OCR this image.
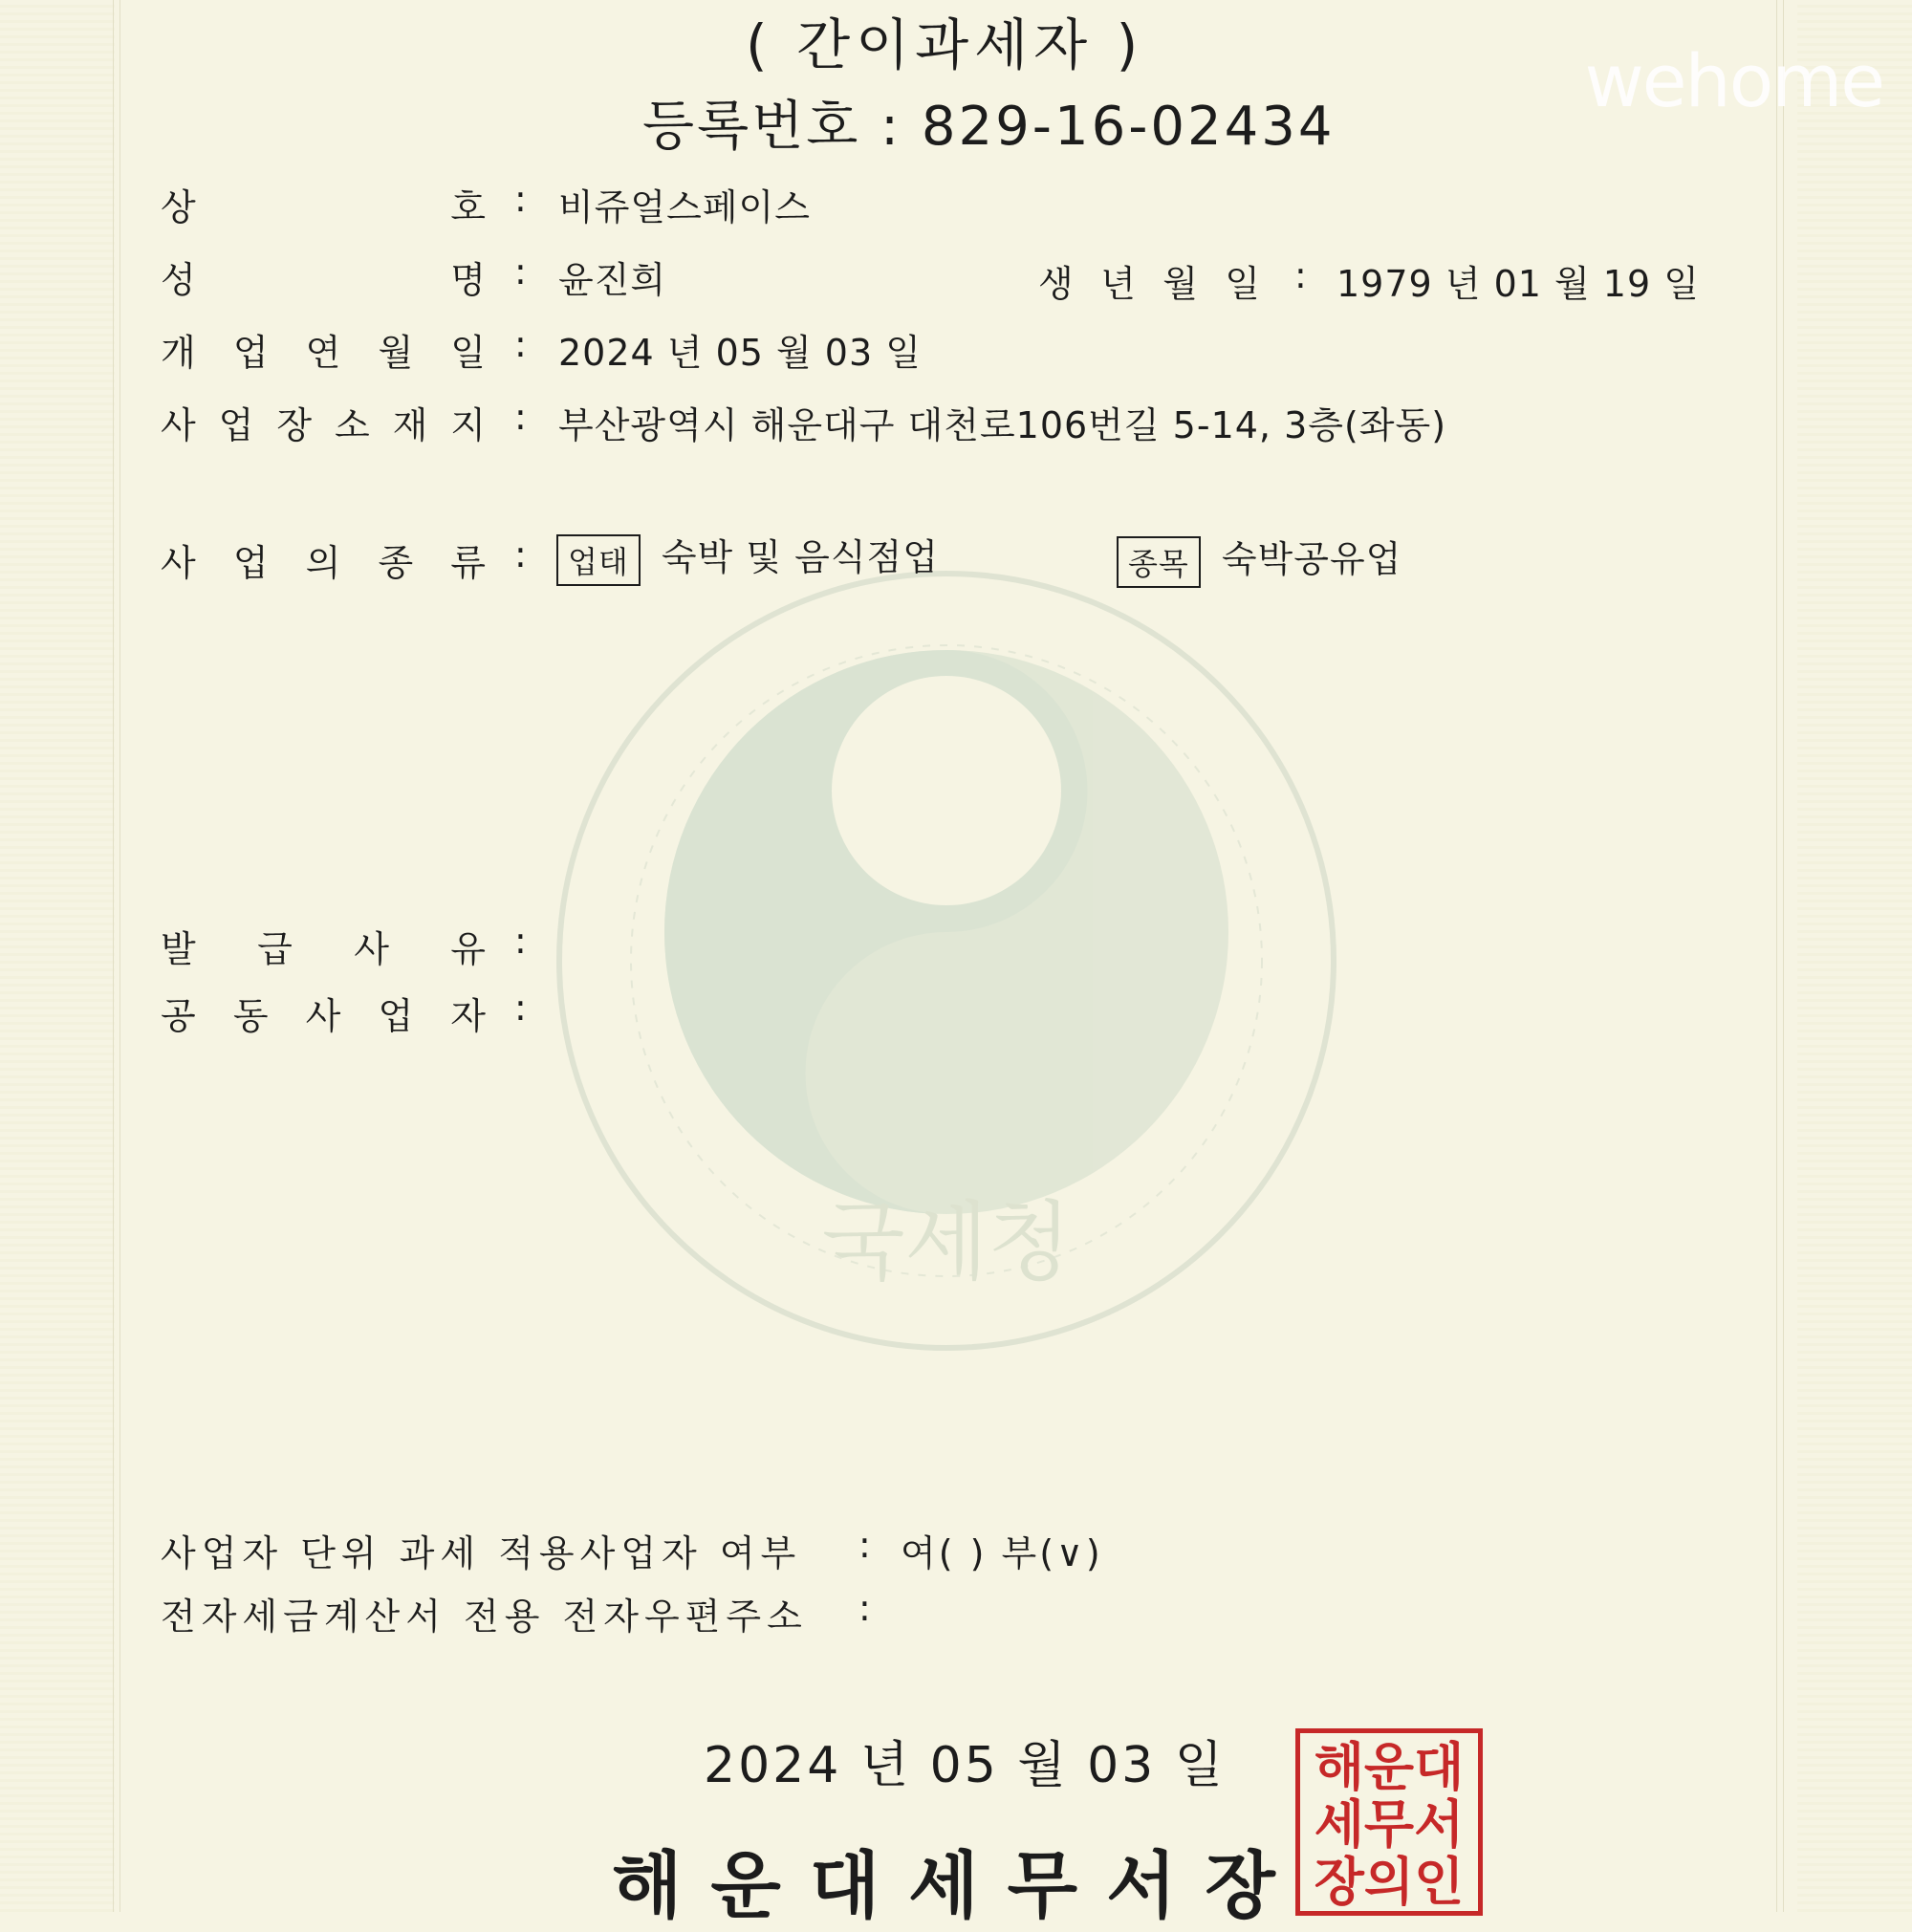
국세청
wehome
( 간이과세자 )
등록번호 : 829-16-02434
상	호 : 비쥬얼스페이스
성	명 : 윤진희	생 년 월 일 : 1979 년 01 월 19 일
개 업 연 월 일 : 2024 년 05 월 03 일
사 업 장 소 재 지 : 부산광역시 해운대구 대천로106번길 5-14, 3층(좌동)
사 업 의 종 류 :	업태 숙박 및 음식점업	종목 숙박공유업
발 급 사 유 :
공 동 사 업 자 :
사업자 단위 과세 적용사업자 여부 : 여( ) 부(∨)
전자세금계산서 전용 전자우편주소 :
2024 년 05 월 03 일
해운대세무서장
해운대
세무서
장의인
